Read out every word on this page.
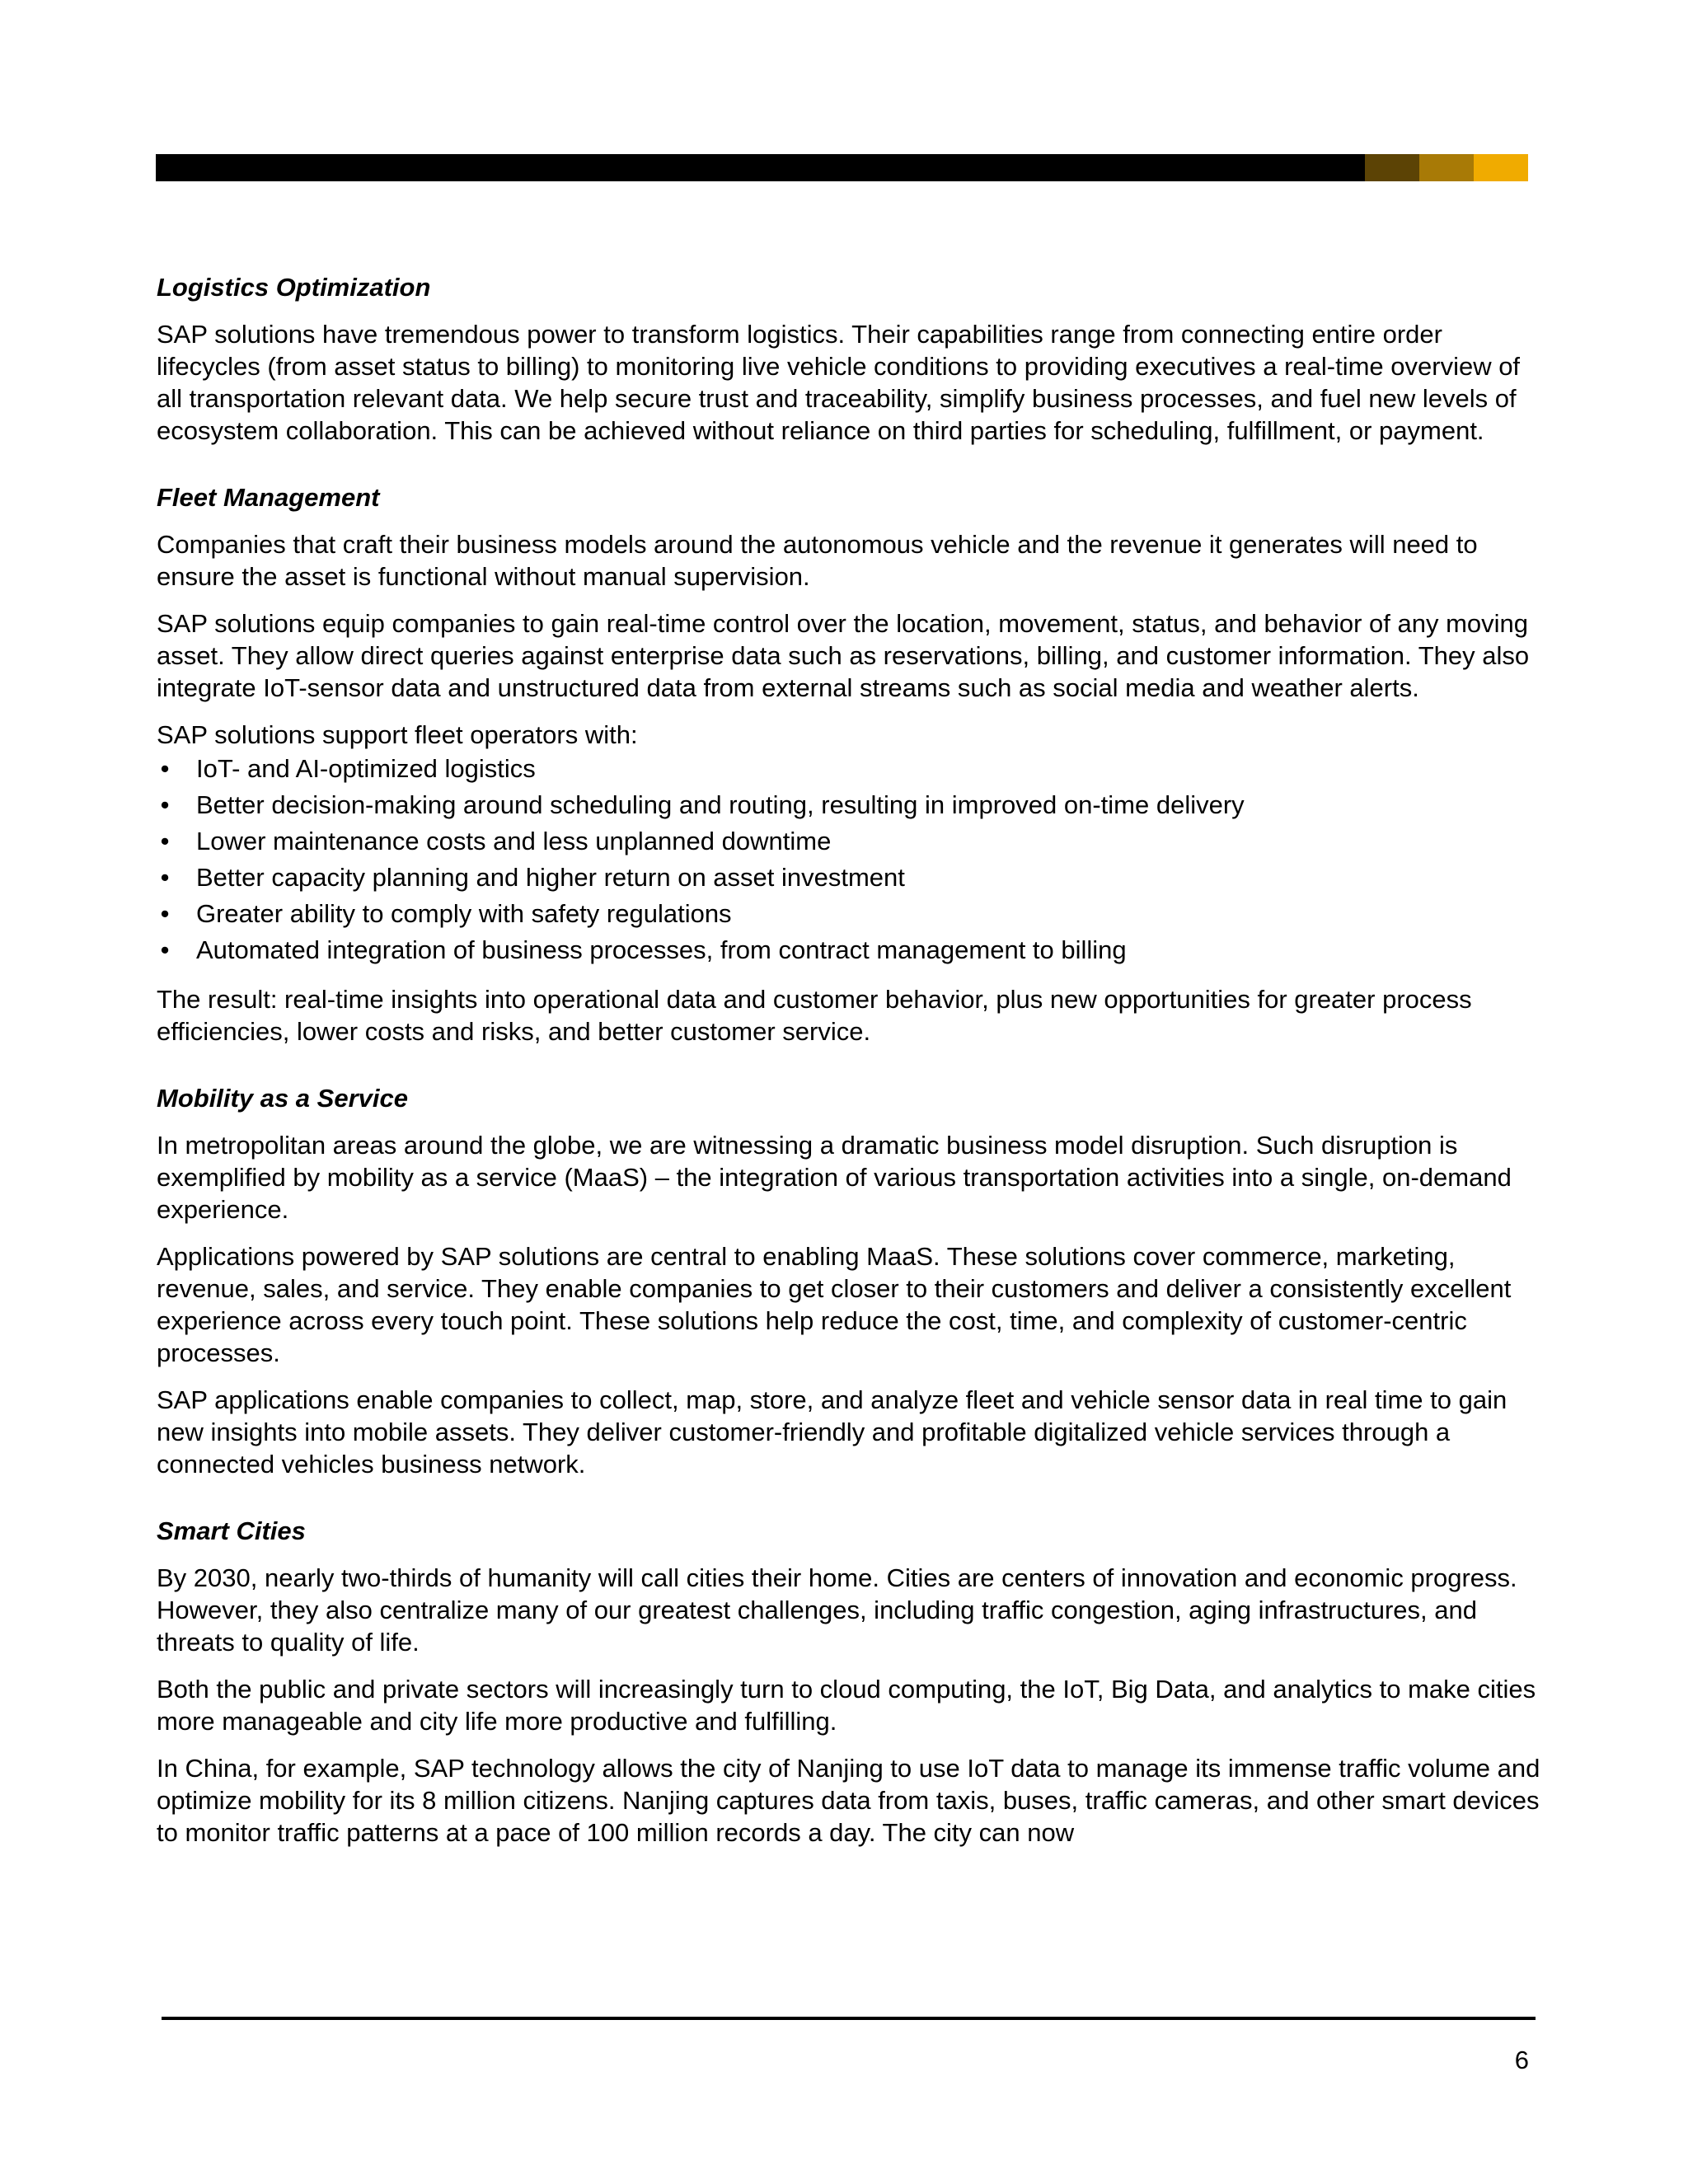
Logistics Optimization

SAP solutions have tremendous power to transform logistics. Their capabilities range from connecting entire order lifecycles (from asset status to billing) to monitoring live vehicle conditions to providing executives a real-time overview of all transportation relevant data. We help secure trust and traceability, simplify business processes, and fuel new levels of ecosystem collaboration. This can be achieved without reliance on third parties for scheduling, fulfillment, or payment.

Fleet Management

Companies that craft their business models around the autonomous vehicle and the revenue it generates will need to ensure the asset is functional without manual supervision.

SAP solutions equip companies to gain real-time control over the location, movement, status, and behavior of any moving asset. They allow direct queries against enterprise data such as reservations, billing, and customer information. They also integrate IoT-sensor data and unstructured data from external streams such as social media and weather alerts.

SAP solutions support fleet operators with:

• IoT- and AI-optimized logistics
• Better decision-making around scheduling and routing, resulting in improved on-time delivery
• Lower maintenance costs and less unplanned downtime
• Better capacity planning and higher return on asset investment
• Greater ability to comply with safety regulations
• Automated integration of business processes, from contract management to billing

The result: real-time insights into operational data and customer behavior, plus new opportunities for greater process efficiencies, lower costs and risks, and better customer service.

Mobility as a Service

In metropolitan areas around the globe, we are witnessing a dramatic business model disruption. Such disruption is exemplified by mobility as a service (MaaS) – the integration of various transportation activities into a single, on-demand experience.

Applications powered by SAP solutions are central to enabling MaaS. These solutions cover commerce, marketing, revenue, sales, and service. They enable companies to get closer to their customers and deliver a consistently excellent experience across every touch point. These solutions help reduce the cost, time, and complexity of customer-centric processes.

SAP applications enable companies to collect, map, store, and analyze fleet and vehicle sensor data in real time to gain new insights into mobile assets. They deliver customer-friendly and profitable digitalized vehicle services through a connected vehicles business network.

Smart Cities

By 2030, nearly two-thirds of humanity will call cities their home. Cities are centers of innovation and economic progress. However, they also centralize many of our greatest challenges, including traffic congestion, aging infrastructures, and threats to quality of life.

Both the public and private sectors will increasingly turn to cloud computing, the IoT, Big Data, and analytics to make cities more manageable and city life more productive and fulfilling.

In China, for example, SAP technology allows the city of Nanjing to use IoT data to manage its immense traffic volume and optimize mobility for its 8 million citizens. Nanjing captures data from taxis, buses, traffic cameras, and other smart devices to monitor traffic patterns at a pace of 100 million records a day. The city can now

6
